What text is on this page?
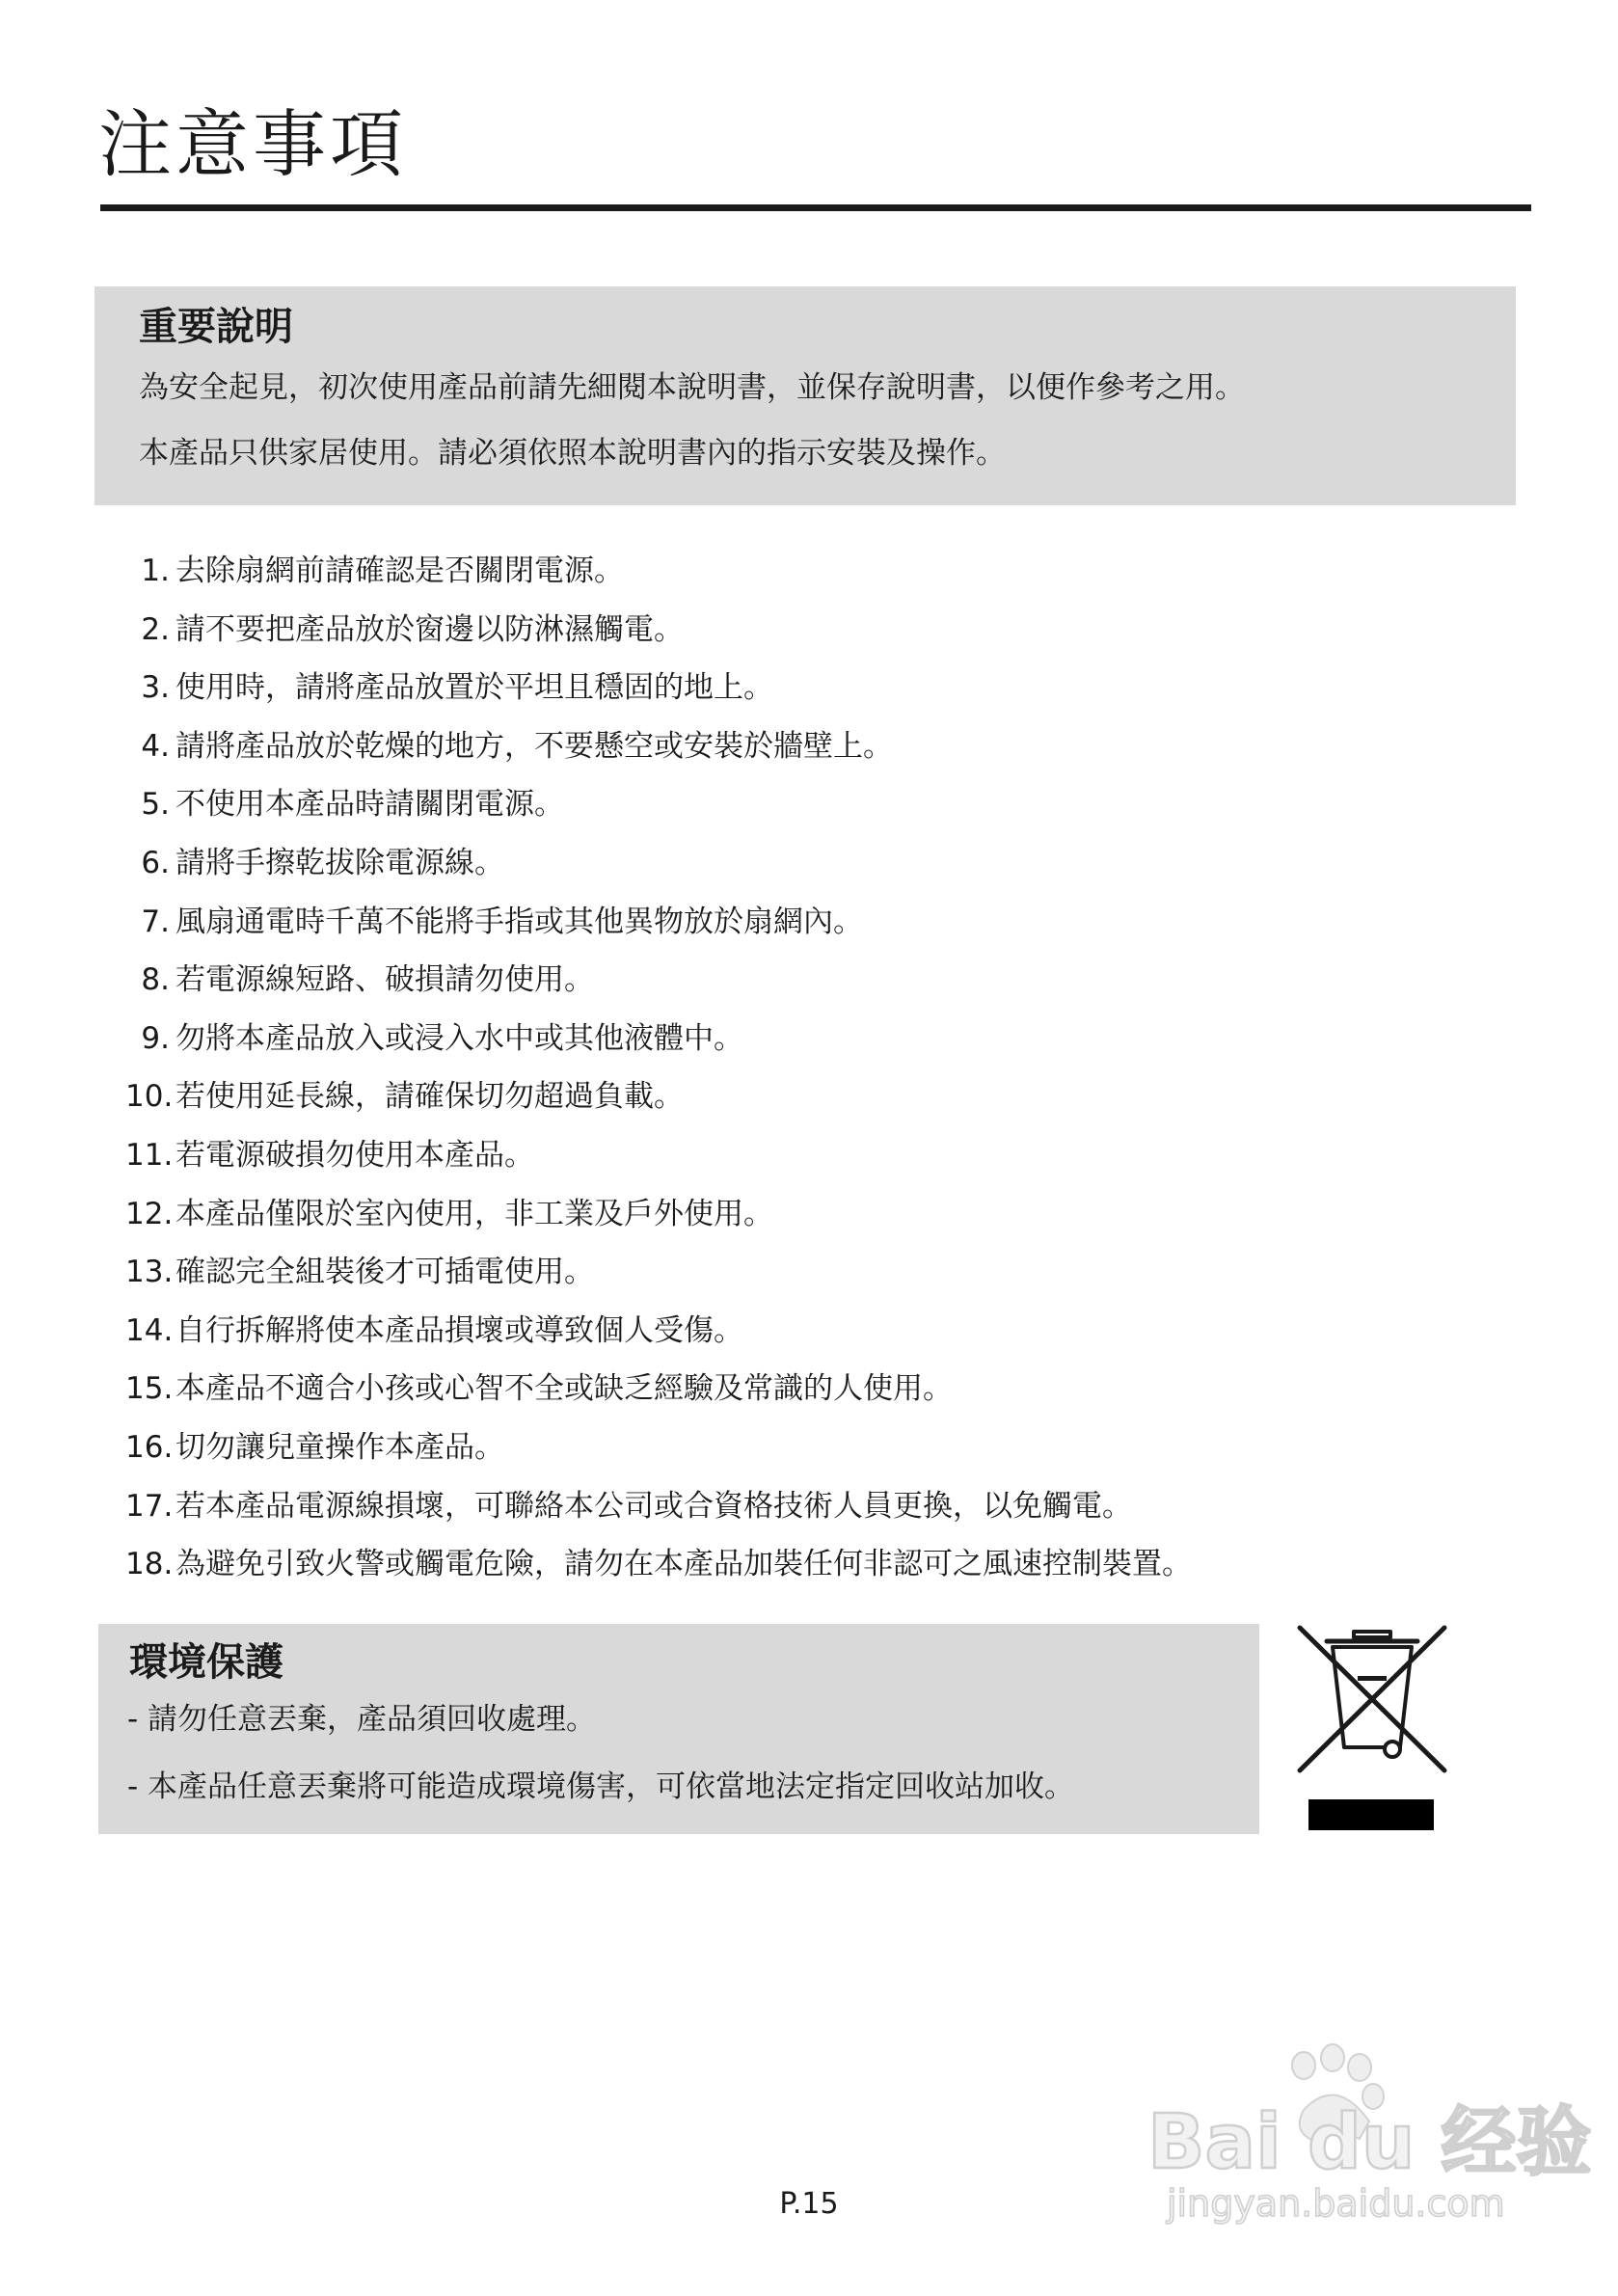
注意事項
重要說明
為安全起見，初次使用產品前請先細閱本說明書，並保存說明書，以便作參考之用。
本產品只供家居使用。請必須依照本說明書內的指示安裝及操作。
1. 去除扇網前請確認是否關閉電源。
2. 請不要把產品放於窗邊以防淋濕觸電。
3. 使用時，請將產品放置於平坦且穩固的地上。
4. 請將產品放於乾燥的地方，不要懸空或安裝於牆壁上。
5. 不使用本產品時請關閉電源。
6. 請將手擦乾拔除電源線。
7. 風扇通電時千萬不能將手指或其他異物放於扇網內。
8. 若電源線短路、破損請勿使用。
9. 勿將本產品放入或浸入水中或其他液體中。
10.若使用延長線，請確保切勿超過負載。
11.若電源破損勿使用本產品。
12.本產品僅限於室內使用，非工業及戶外使用。
13.確認完全組裝後才可插電使用。
14.自行拆解將使本產品損壞或導致個人受傷。
15.本產品不適合小孩或心智不全或缺乏經驗及常識的人使用。
16.切勿讓兒童操作本產品。
17.若本產品電源線損壞，可聯絡本公司或合資格技術人員更換，以免觸電。
18.為避免引致火警或觸電危險，請勿在本產品加裝任何非認可之風速控制裝置。
環境保護
- 請勿任意丟棄，產品須回收處理。
- 本產品任意丟棄將可能造成環境傷害，可依當地法定指定回收站加收。
P.15
Bai du 经验
jingyan.baidu.com
